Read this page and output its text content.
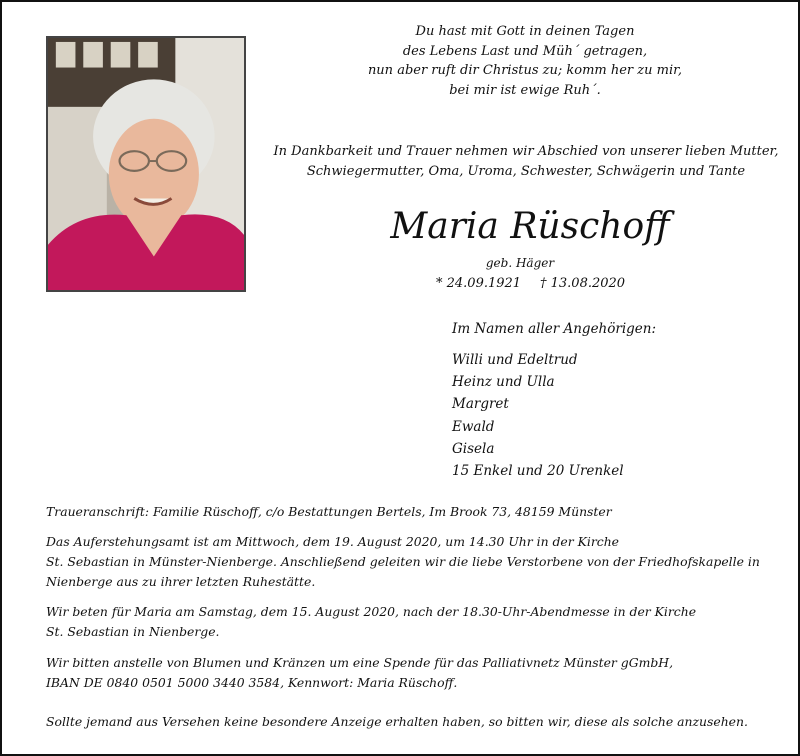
Du hast mit Gott in deinen Tagen
des Lebens Last und Müh´ getragen,
nun aber ruft dir Christus zu; komm her zu mir,
bei mir ist ewige Ruh´.
In Dankbarkeit und Trauer nehmen wir Abschied von unserer lieben Mutter,
Schwiegermutter, Oma, Uroma, Schwester, Schwägerin und Tante
Maria Rüschoff
geb. Häger
* 24.09.1921 † 13.08.2020
Im Namen aller Angehörigen:
Willi und Edeltrud
Heinz und Ulla
Margret
Ewald
Gisela
15 Enkel und 20 Urenkel
Traueranschrift: Familie Rüschoff, c/o Bestattungen Bertels, Im Brook 73, 48159 Münster
Das Auferstehungsamt ist am Mittwoch, dem 19. August 2020, um 14.30 Uhr in der Kirche
St. Sebastian in Münster-Nienberge. Anschließend geleiten wir die liebe Verstorbene von der Friedhofskapelle in
Nienberge aus zu ihrer letzten Ruhestätte.
Wir beten für Maria am Samstag, dem 15. August 2020, nach der 18.30-Uhr-Abendmesse in der Kirche
St. Sebastian in Nienberge.
Wir bitten anstelle von Blumen und Kränzen um eine Spende für das Palliativnetz Münster gGmbH,
IBAN DE 0840 0501 5000 3440 3584, Kennwort: Maria Rüschoff.
Sollte jemand aus Versehen keine besondere Anzeige erhalten haben, so bitten wir, diese als solche anzusehen.
